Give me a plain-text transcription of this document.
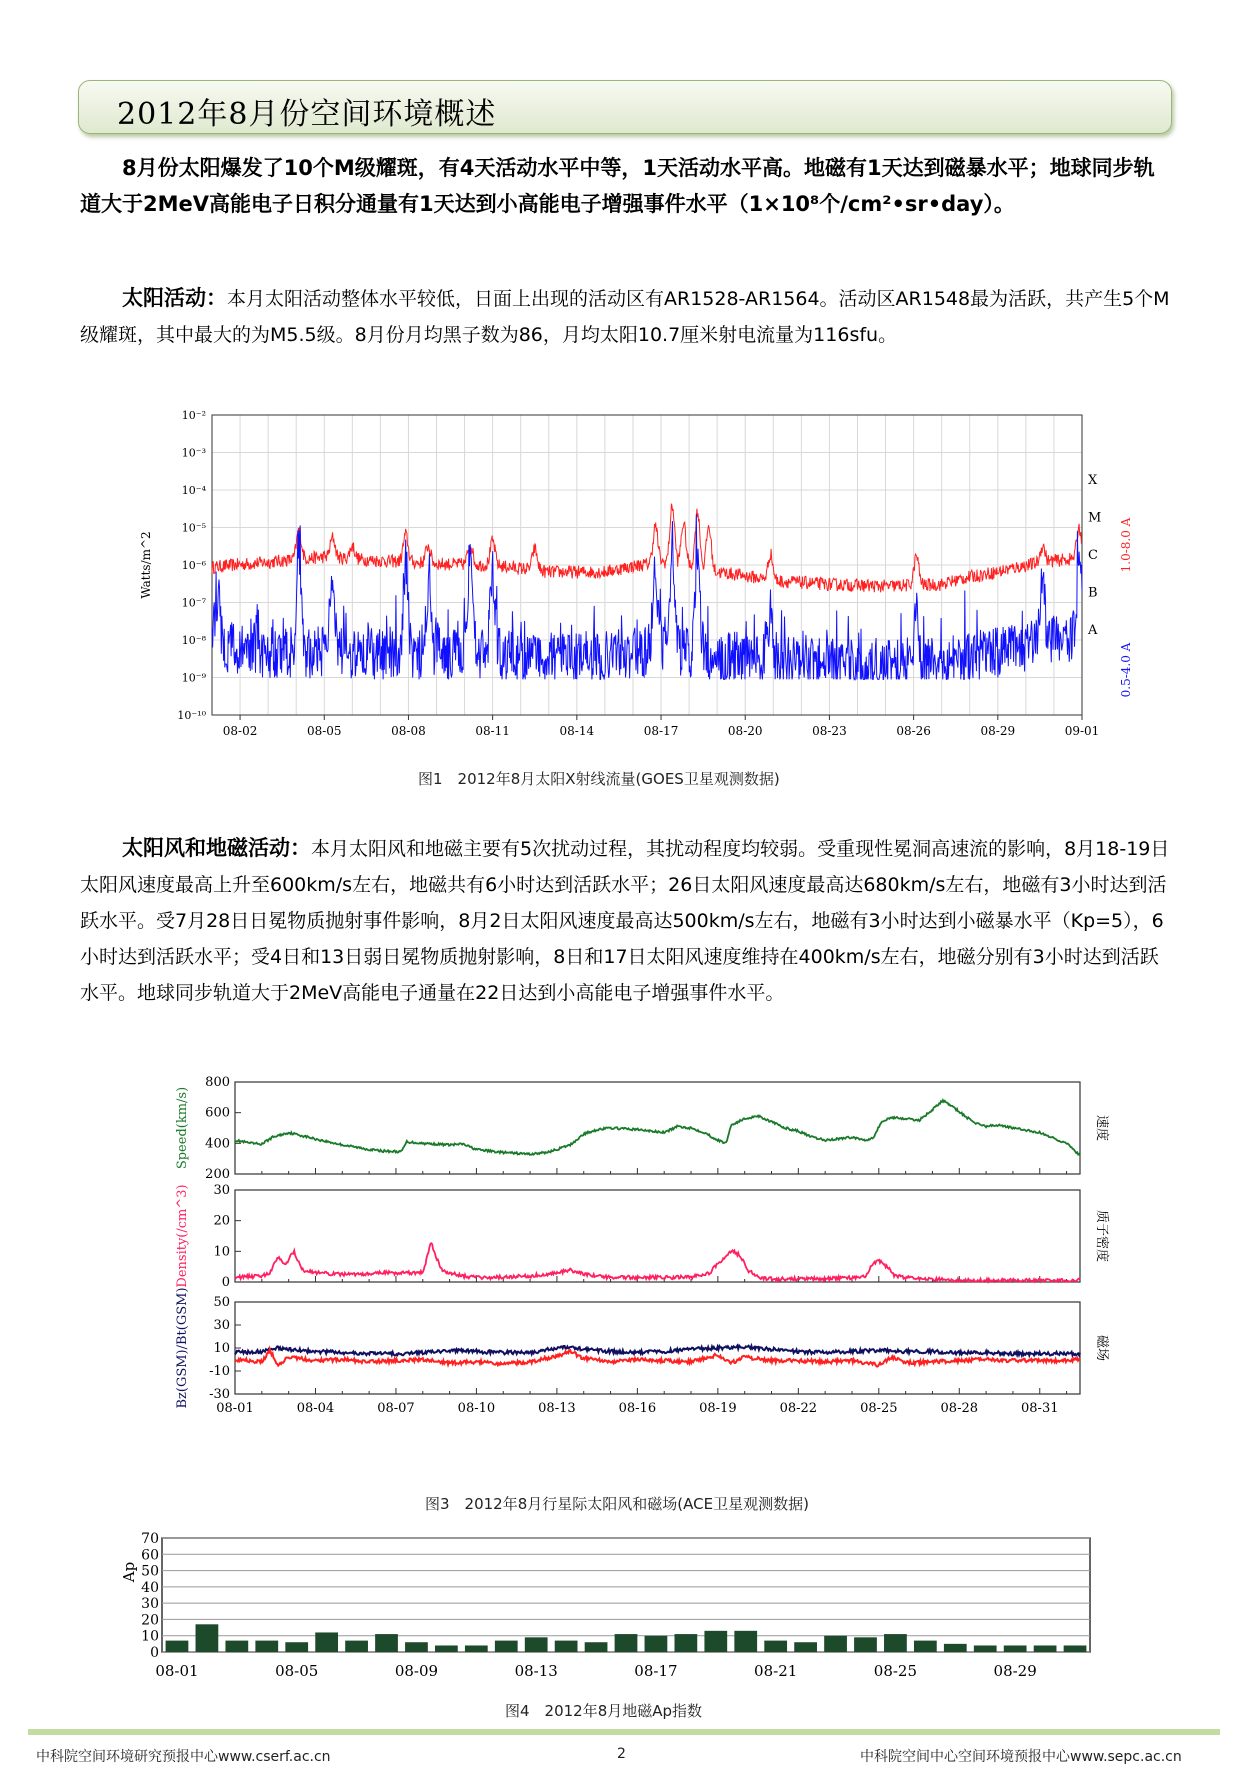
2012年8月份空间环境概述

8月份太阳爆发了10个M级耀斑，有4天活动水平中等，1天活动水平高。地磁有1天达到磁暴水平；地球同步轨道大于2MeV高能电子日积分通量有1天达到小高能电子增强事件水平（1×10⁸个/cm²•sr•day）。

太阳活动：本月太阳活动整体水平较低，日面上出现的活动区有AR1528-AR1564。活动区AR1548最为活跃，共产生5个M级耀斑，其中最大的为M5.5级。8月份月均黑子数为86，月均太阳10.7厘米射电流量为116sfu。

10⁻²
10⁻³
10⁻⁴
10⁻⁵
10⁻⁶
10⁻⁷
10⁻⁸
10⁻⁹
10⁻¹⁰
08-02	08-05	08-08	08-11	08-14	08-17	08-20	08-23	08-26	08-29	09-01
Watts/m^2
X
M
C
B
A
1.0-8.0 A
0.5-4.0 A
图1　2012年8月太阳X射线流量(GOES卫星观测数据)

太阳风和地磁活动：本月太阳风和地磁主要有5次扰动过程，其扰动程度均较弱。受重现性冕洞高速流的影响，8月18-19日太阳风速度最高上升至600km/s左右，地磁共有6小时达到活跃水平；26日太阳风速度最高达680km/s左右，地磁有3小时达到活跃水平。受7月28日日冕物质抛射事件影响，8月2日太阳风速度最高达500km/s左右，地磁有3小时达到小磁暴水平（Kp=5），6小时达到活跃水平；受4日和13日弱日冕物质抛射影响，8日和17日太阳风速度维持在400km/s左右，地磁分别有3小时达到活跃水平。地球同步轨道大于2MeV高能电子通量在22日达到小高能电子增强事件水平。

200
400
600
800
Speed(km/s)	速度
0
10
20
30
Density(/cm^3)	质子密度
-30
-10
10
30
50
Bz(GSM)/Bt(GSM)	磁场
08-01	08-04	08-07	08-10	08-13	08-16	08-19	08-22	08-25	08-28	08-31
图3　2012年8月行星际太阳风和磁场(ACE卫星观测数据)
0
10
20
30
40
50
60
70
Ap
08-01	08-05	08-09	08-13	08-17	08-21	08-25	08-29
图4　2012年8月地磁Ap指数
中科院空间环境研究预报中心www.cserf.ac.cn	2	中科院空间中心空间环境预报中心www.sepc.ac.cn
